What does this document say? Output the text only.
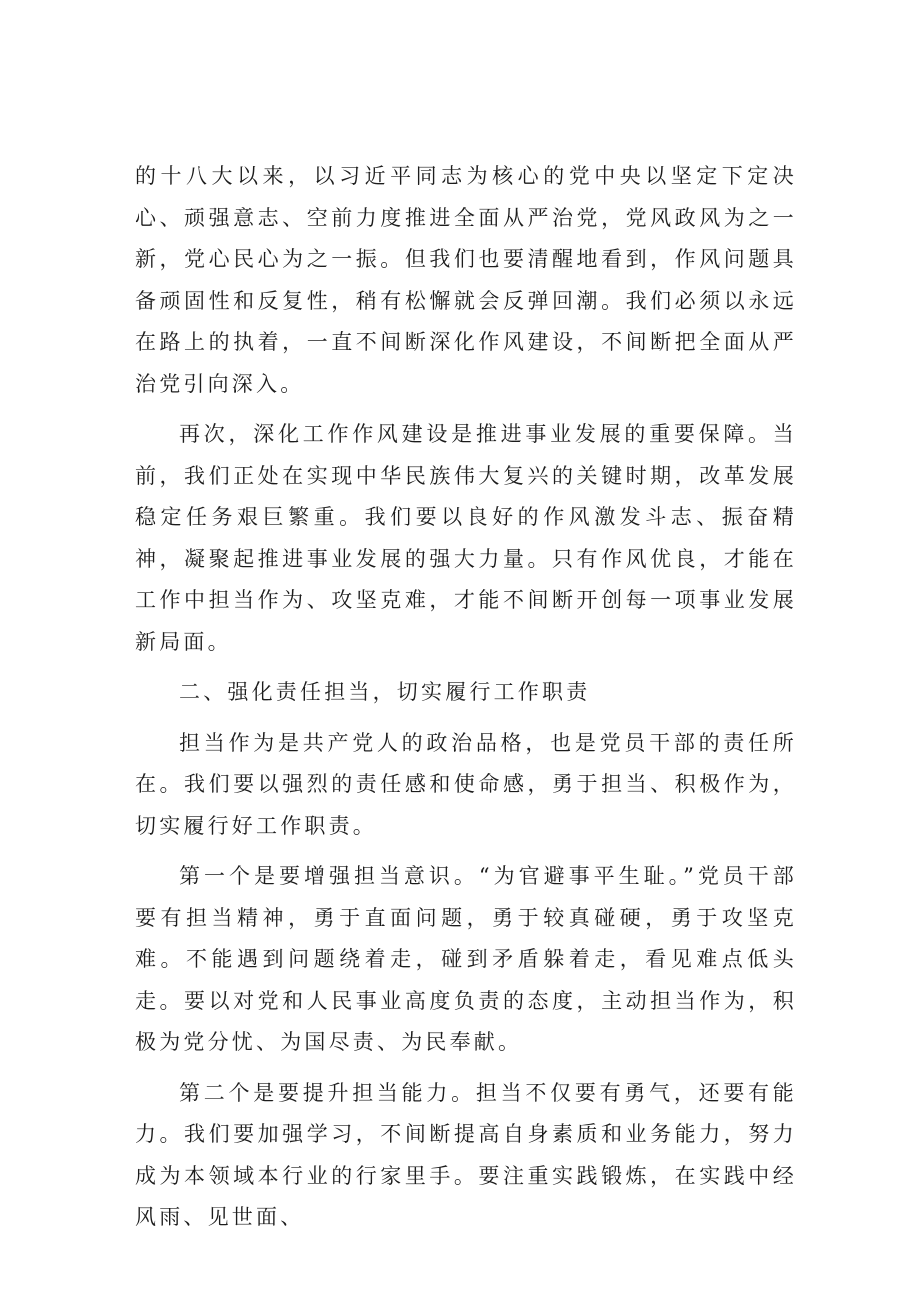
的十八大以来，以习近平同志为核心的党中央以坚定下定决心、顽强意志、空前力度推进全面从严治党，党风政风为之一新，党心民心为之一振。但我们也要清醒地看到，作风问题具备顽固性和反复性，稍有松懈就会反弹回潮。我们必须以永远在路上的执着，一直不间断深化作风建设，不间断把全面从严治党引向深入。

再次，深化工作作风建设是推进事业发展的重要保障。当前，我们正处在实现中华民族伟大复兴的关键时期，改革发展稳定任务艰巨繁重。我们要以良好的作风激发斗志、振奋精神，凝聚起推进事业发展的强大力量。只有作风优良，才能在工作中担当作为、攻坚克难，才能不间断开创每一项事业发展新局面。

二、强化责任担当，切实履行工作职责

担当作为是共产党人的政治品格，也是党员干部的责任所在。我们要以强烈的责任感和使命感，勇于担当、积极作为，切实履行好工作职责。

第一个是要增强担当意识。“为官避事平生耻。”党员干部要有担当精神，勇于直面问题，勇于较真碰硬，勇于攻坚克难。不能遇到问题绕着走，碰到矛盾躲着走，看见难点低头走。要以对党和人民事业高度负责的态度，主动担当作为，积极为党分忧、为国尽责、为民奉献。

第二个是要提升担当能力。担当不仅要有勇气，还要有能力。我们要加强学习，不间断提高自身素质和业务能力，努力成为本领域本行业的行家里手。要注重实践锻炼，在实践中经风雨、见世面、
